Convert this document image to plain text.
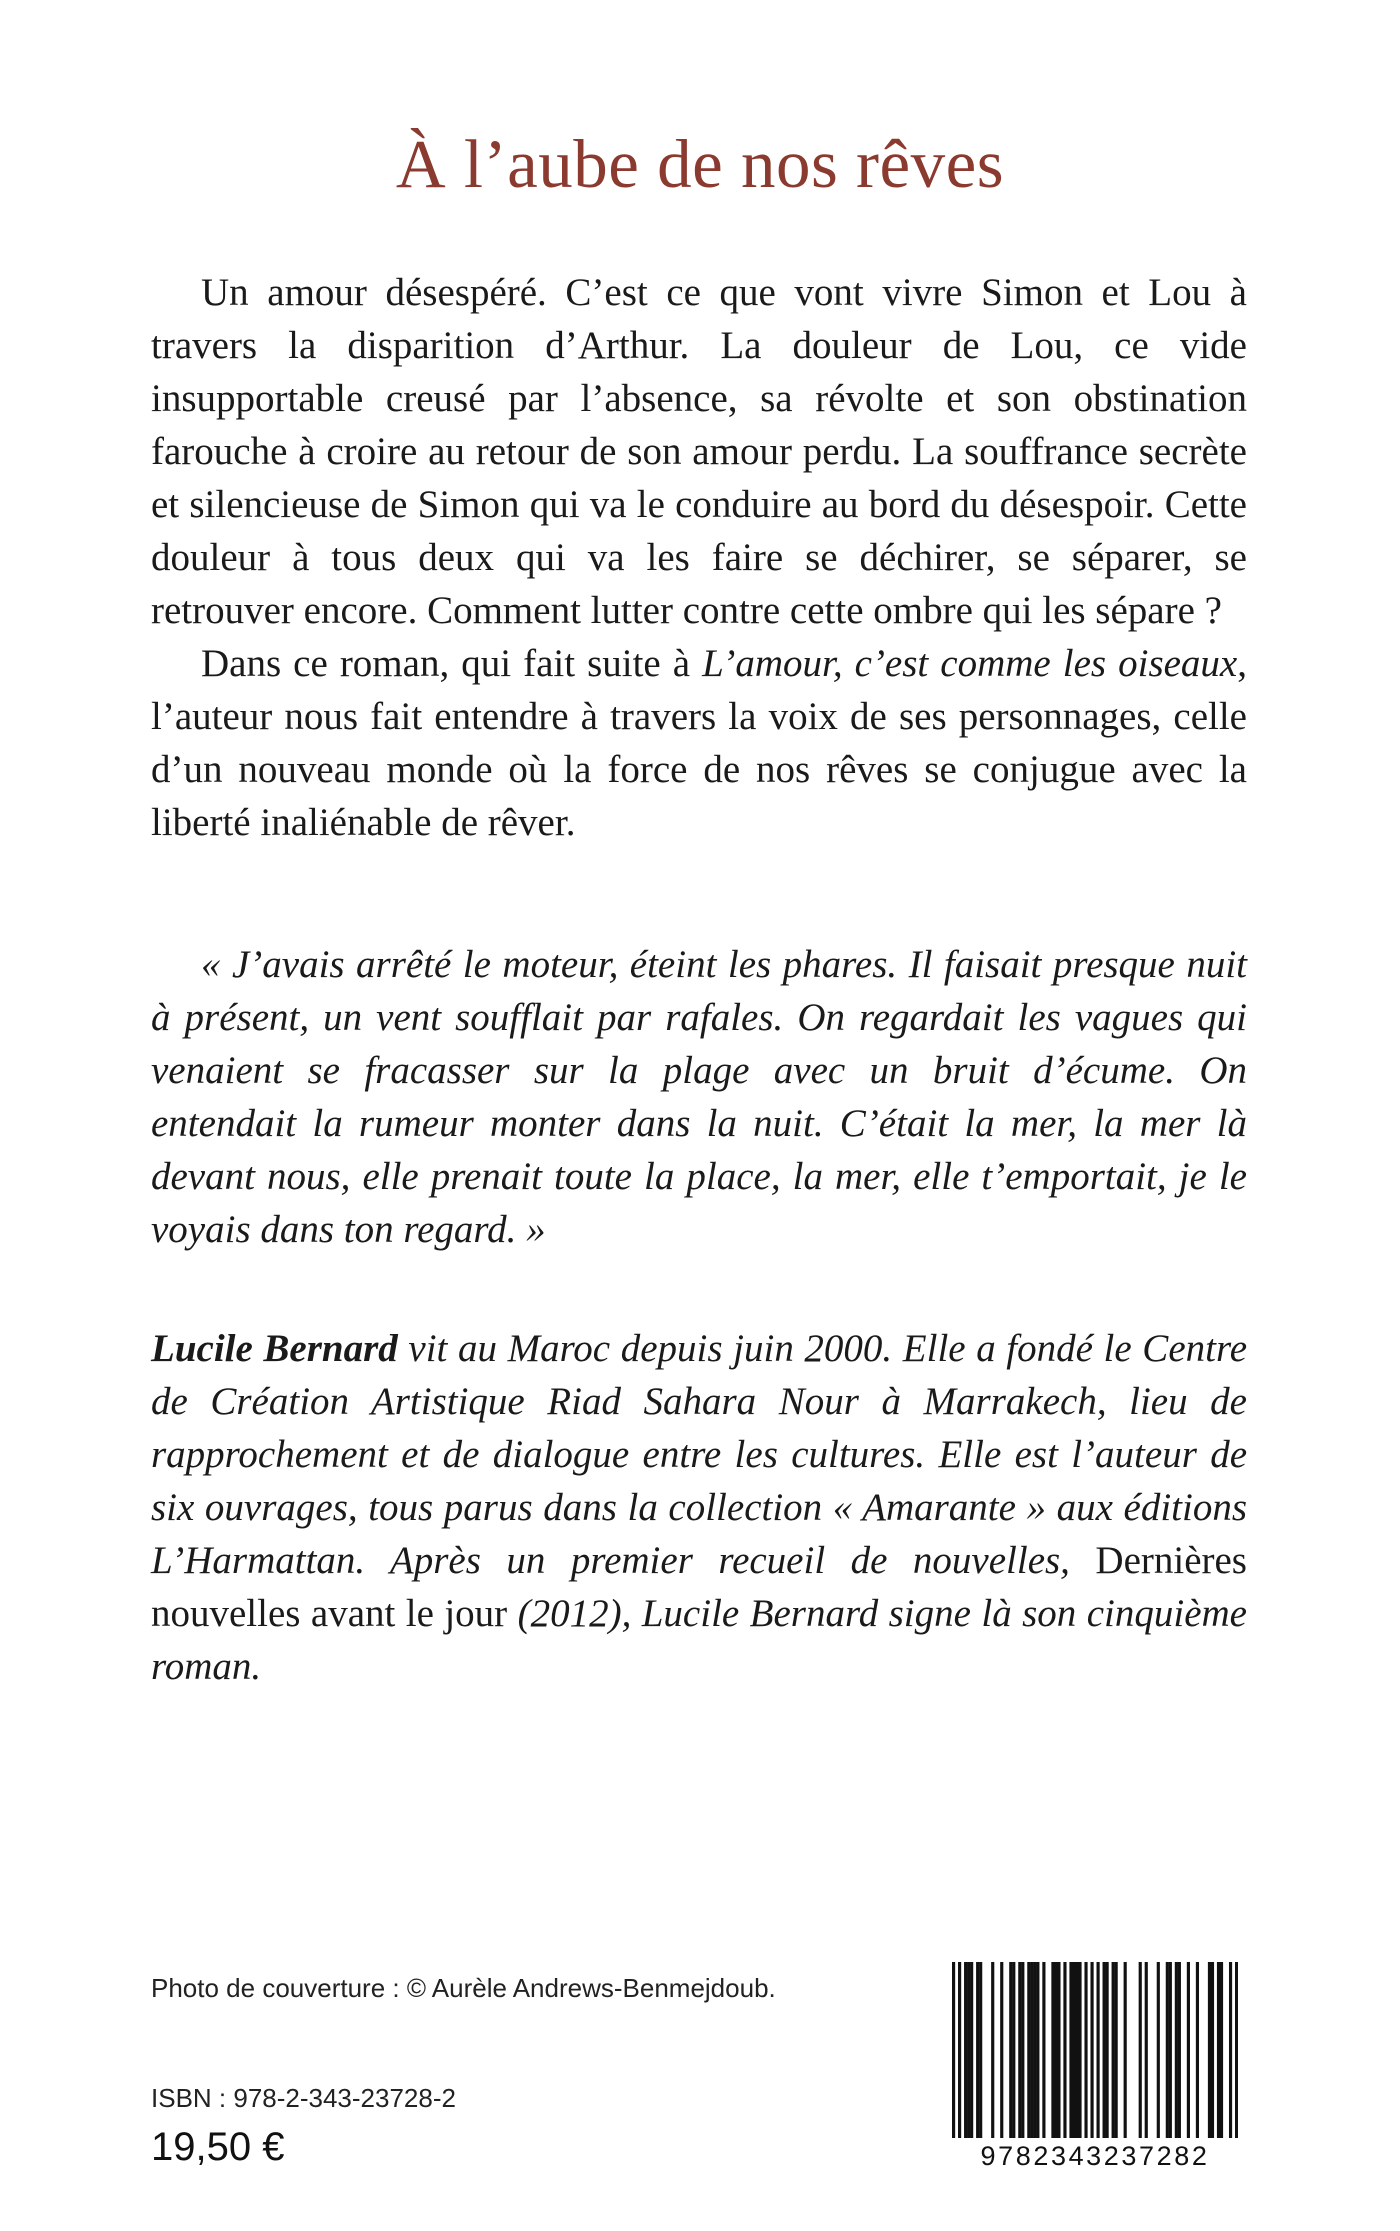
À l’aube de nos rêves

Un amour désespéré. C’est ce que vont vivre Simon et Lou à travers la disparition d’Arthur. La douleur de Lou, ce vide insupportable creusé par l’absence, sa révolte et son obstination farouche à croire au retour de son amour perdu. La souffrance secrète et silencieuse de Simon qui va le conduire au bord du désespoir. Cette douleur à tous deux qui va les faire se déchirer, se séparer, se retrouver encore. Comment lutter contre cette ombre qui les sépare ?

Dans ce roman, qui fait suite à L’amour, c’est comme les oiseaux, l’auteur nous fait entendre à travers la voix de ses personnages, celle d’un nouveau monde où la force de nos rêves se conjugue avec la liberté inaliénable de rêver.

« J’avais arrêté le moteur, éteint les phares. Il faisait presque nuit à présent, un vent soufflait par rafales. On regardait les vagues qui venaient se fracasser sur la plage avec un bruit d’écume. On entendait la rumeur monter dans la nuit. C’était la mer, la mer là devant nous, elle prenait toute la place, la mer, elle t’emportait, je le voyais dans ton regard. »

Lucile Bernard vit au Maroc depuis juin 2000. Elle a fondé le Centre de Création Artistique Riad Sahara Nour à Marrakech, lieu de rapprochement et de dialogue entre les cultures. Elle est l’auteur de six ouvrages, tous parus dans la collection « Amarante » aux éditions L’Harmattan. Après un premier recueil de nouvelles, Dernières nouvelles avant le jour (2012), Lucile Bernard signe là son cinquième roman.

Photo de couverture : © Aurèle Andrews-Benmejdoub.
ISBN : 978-2-343-23728-2
19,50 €	9782343237282
